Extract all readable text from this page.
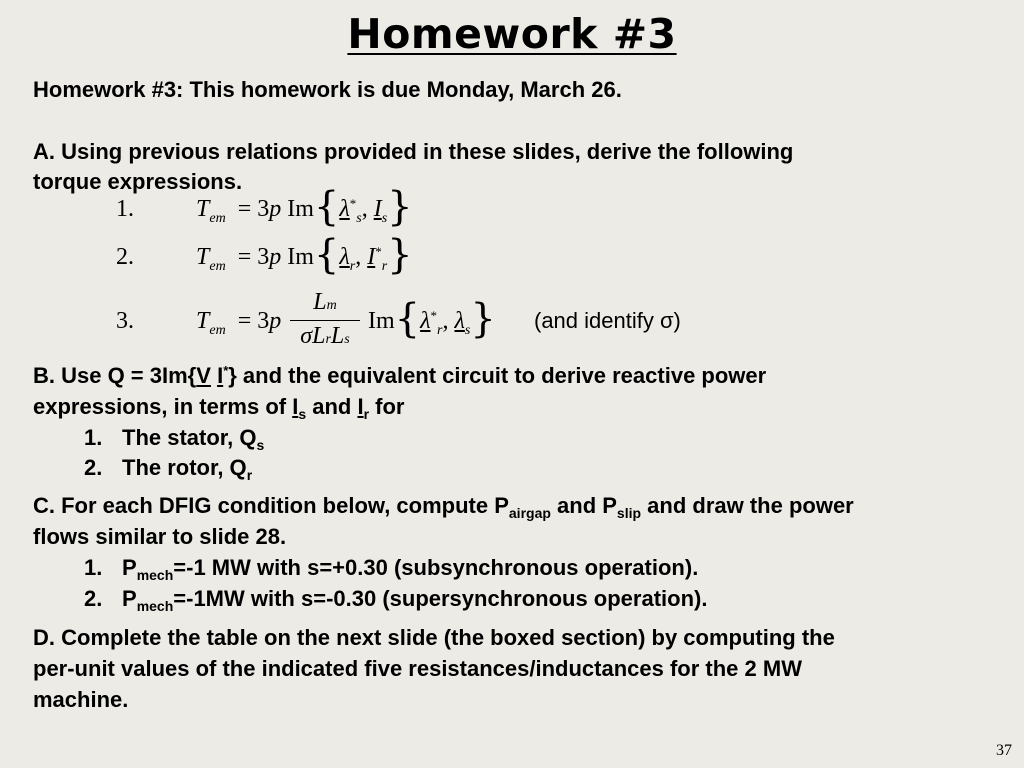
Homework #3
Homework #3: This homework is due Monday, March 26.
A. Using previous relations provided in these slides, derive the following
torque expressions.
1.	$T_{em} = 3p$ $Im\{\lambda^*_s$, $I_s$}
2.	$T_{em} = 3p$ $Im\{\lambda_r$, $I^*_r$}
3.	$T_{em} = 3p$
Lm
σLrLs
$Im\{\lambda^*_r$, $\lambda_s$} (and identify σ)
B. Use Q = 3Im{V I*} and the equivalent circuit to derive reactive power
expressions, in terms of $I_s$ and $I_r$ for
1. The stator, $Q_s$
2. The rotor, $Q_r$
C. For each DFIG condition below, compute $P_{airgap}$ and $P_{slip}$ and draw the power
flows similar to slide 28.
1. $P_{mech}=-1$ MW with s=+0.30 (subsynchronous operation).
2. $P_{mech}=-1MW$ with s=-0.30 (supersynchronous operation).
D. Complete the table on the next slide (the boxed section) by computing the
per-unit values of the indicated five resistances/inductances for the 2 MW
machine.
37
